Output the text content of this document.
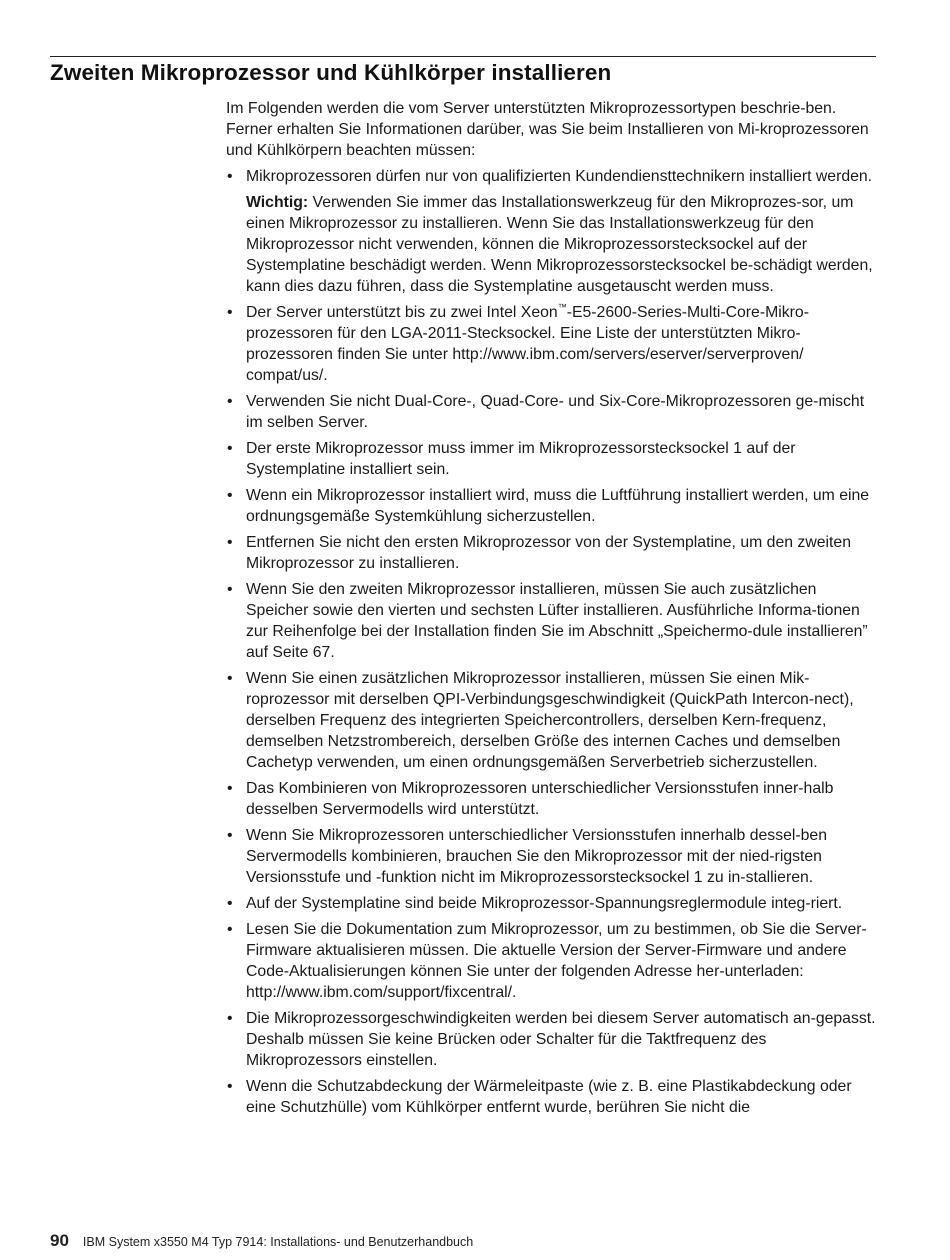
Zweiten Mikroprozessor und Kühlkörper installieren

Im Folgenden werden die vom Server unterstützten Mikroprozessortypen beschrie-ben. Ferner erhalten Sie Informationen darüber, was Sie beim Installieren von Mi-kroprozessoren und Kühlkörpern beachten müssen:

• Mikroprozessoren dürfen nur von qualifizierten Kundendiensttechnikern installiert werden.

Wichtig: Verwenden Sie immer das Installationswerkzeug für den Mikroprozes-sor, um einen Mikroprozessor zu installieren. Wenn Sie das Installationswerkzeug für den Mikroprozessor nicht verwenden, können die Mikroprozessorstecksockel auf der Systemplatine beschädigt werden. Wenn Mikroprozessorstecksockel be-schädigt werden, kann dies dazu führen, dass die Systemplatine ausgetauscht werden muss.

• Der Server unterstützt bis zu zwei Intel Xeon™-E5-2600-Series-Multi-Core-Mikro-prozessoren für den LGA-2011-Stecksockel. Eine Liste der unterstützten Mikro-prozessoren finden Sie unter http://www.ibm.com/servers/eserver/serverproven/ compat/us/.

• Verwenden Sie nicht Dual-Core-, Quad-Core- und Six-Core-Mikroprozessoren ge-mischt im selben Server.

• Der erste Mikroprozessor muss immer im Mikroprozessorstecksockel 1 auf der Systemplatine installiert sein.

• Wenn ein Mikroprozessor installiert wird, muss die Luftführung installiert werden, um eine ordnungsgemäße Systemkühlung sicherzustellen.

• Entfernen Sie nicht den ersten Mikroprozessor von der Systemplatine, um den zweiten Mikroprozessor zu installieren.

• Wenn Sie den zweiten Mikroprozessor installieren, müssen Sie auch zusätzlichen Speicher sowie den vierten und sechsten Lüfter installieren. Ausführliche Informa-tionen zur Reihenfolge bei der Installation finden Sie im Abschnitt „Speichermo-dule installieren” auf Seite 67.

• Wenn Sie einen zusätzlichen Mikroprozessor installieren, müssen Sie einen Mik-roprozessor mit derselben QPI-Verbindungsgeschwindigkeit (QuickPath Intercon-nect), derselben Frequenz des integrierten Speichercontrollers, derselben Kern-frequenz, demselben Netzstrombereich, derselben Größe des internen Caches und demselben Cachetyp verwenden, um einen ordnungsgemäßen Serverbetrieb sicherzustellen.

• Das Kombinieren von Mikroprozessoren unterschiedlicher Versionsstufen inner-halb desselben Servermodells wird unterstützt.

• Wenn Sie Mikroprozessoren unterschiedlicher Versionsstufen innerhalb dessel-ben Servermodells kombinieren, brauchen Sie den Mikroprozessor mit der nied-rigsten Versionsstufe und -funktion nicht im Mikroprozessorstecksockel 1 zu in-stallieren.

• Auf der Systemplatine sind beide Mikroprozessor-Spannungsreglermodule integ-riert.

• Lesen Sie die Dokumentation zum Mikroprozessor, um zu bestimmen, ob Sie die Server-Firmware aktualisieren müssen. Die aktuelle Version der Server-Firmware und andere Code-Aktualisierungen können Sie unter der folgenden Adresse her-unterladen: http://www.ibm.com/support/fixcentral/.

• Die Mikroprozessorgeschwindigkeiten werden bei diesem Server automatisch an-gepasst. Deshalb müssen Sie keine Brücken oder Schalter für die Taktfrequenz des Mikroprozessors einstellen.

• Wenn die Schutzabdeckung der Wärmeleitpaste (wie z. B. eine Plastikabdeckung oder eine Schutzhülle) vom Kühlkörper entfernt wurde, berühren Sie nicht die

90 IBM System x3550 M4 Typ 7914: Installations- und Benutzerhandbuch
